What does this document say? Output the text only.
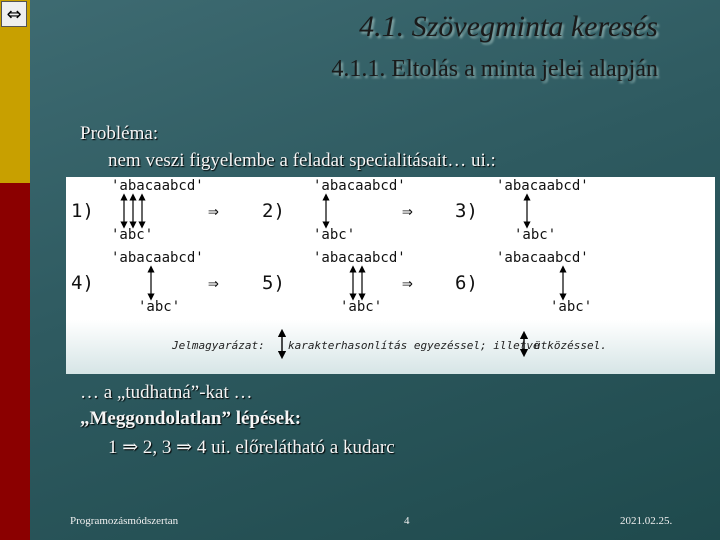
⇔	4.1. Szövegminta keresés
4.1.1. Eltolás a minta jelei alapján
Probléma:
nem veszi figyelembe a feladat specialitásait… ui.:
'abacaabcd'
'abc'
'abacaabcd'
'abc'
'abacaabcd'
'abc'
'abacaabcd'
'abc'
'abacaabcd'
'abc'
'abacaabcd'
'abc'
1)	2)	3)
4)	5)	6)
⇒	⇒
⇒	⇒
Jelmagyarázat: karakterhasonlítás egyezéssel; illetve
ütközéssel.
… a „tudhatná”-kat …
„Meggondolatlan” lépések:
1 ⇒ 2, 3 ⇒ 4 ui. előrelátható a kudarc
Programozásmódszertan	4	2021.02.25.
